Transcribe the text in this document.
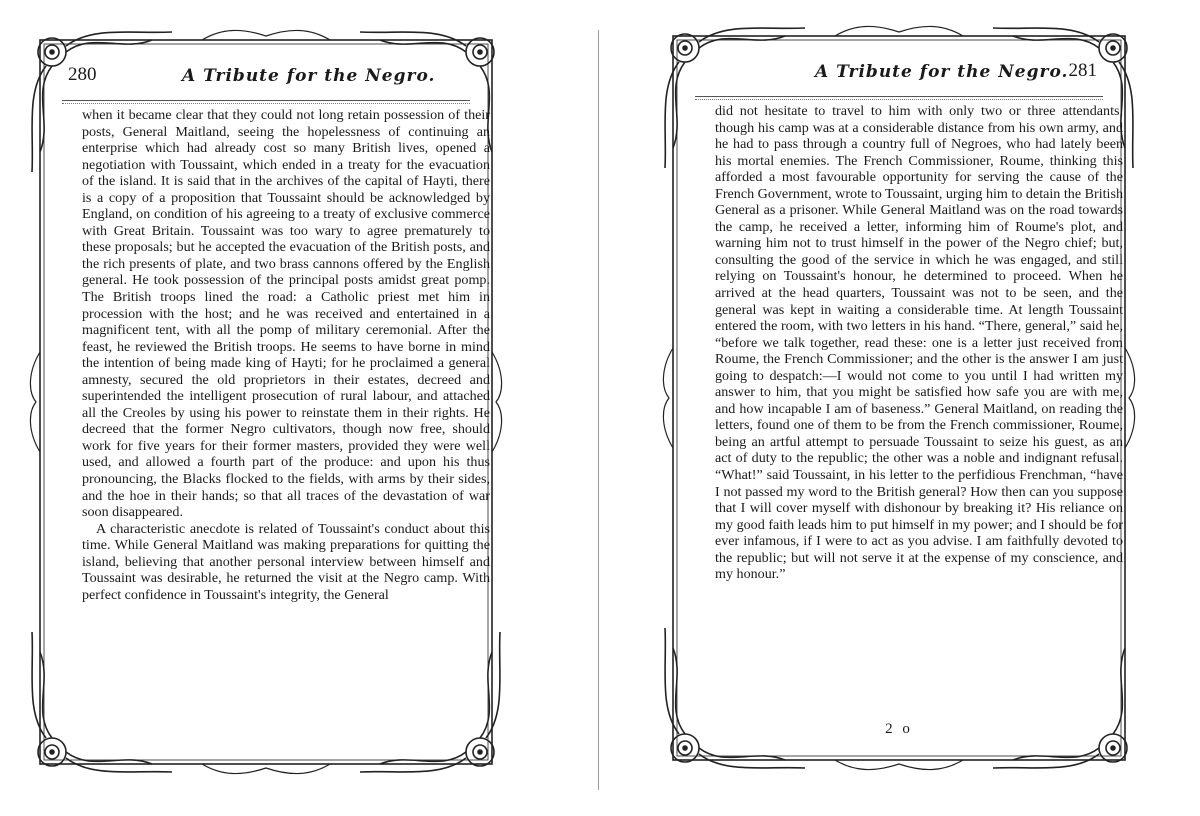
280	A Tribute for the Negro.

when it became clear that they could not long retain possession of their posts, General Maitland, seeing the hopelessness of continuing an enterprise which had already cost so many British lives, opened a negotiation with Toussaint, which ended in a treaty for the evacuation of the island. It is said that in the archives of the capital of Hayti, there is a copy of a proposition that Toussaint should be acknowledged by England, on condition of his agreeing to a treaty of exclusive commerce with Great Britain. Toussaint was too wary to agree prematurely to these proposals; but he accepted the evacuation of the British posts, and the rich presents of plate, and two brass cannons offered by the English general. He took possession of the principal posts amidst great pomp. The British troops lined the road: a Catholic priest met him in procession with the host; and he was received and entertained in a magnificent tent, with all the pomp of military ceremonial. After the feast, he reviewed the British troops. He seems to have borne in mind the intention of being made king of Hayti; for he proclaimed a general amnesty, secured the old proprietors in their estates, decreed and superintended the intelligent prosecution of rural labour, and attached all the Creoles by using his power to reinstate them in their rights. He decreed that the former Negro cultivators, though now free, should work for five years for their former masters, provided they were well used, and allowed a fourth part of the produce: and upon his thus pronouncing, the Blacks flocked to the fields, with arms by their sides, and the hoe in their hands; so that all traces of the devastation of war soon disappeared.

A characteristic anecdote is related of Toussaint's conduct about this time. While General Maitland was making preparations for quitting the island, believing that another personal interview between himself and Toussaint was desirable, he returned the visit at the Negro camp. With perfect confidence in Toussaint's integrity, the General

A Tribute for the Negro. 281

did not hesitate to travel to him with only two or three attendants, though his camp was at a considerable distance from his own army, and he had to pass through a country full of Negroes, who had lately been his mortal enemies. The French Commissioner, Roume, thinking this afforded a most favourable opportunity for serving the cause of the French Government, wrote to Toussaint, urging him to detain the British General as a prisoner. While General Maitland was on the road towards the camp, he received a letter, informing him of Roume's plot, and warning him not to trust himself in the power of the Negro chief; but, consulting the good of the service in which he was engaged, and still relying on Toussaint's honour, he determined to proceed. When he arrived at the head quarters, Toussaint was not to be seen, and the general was kept in waiting a considerable time. At length Toussaint entered the room, with two letters in his hand. “There, general,” said he, “before we talk together, read these: one is a letter just received from Roume, the French Commissioner; and the other is the answer I am just going to despatch:—I would not come to you until I had written my answer to him, that you might be satisfied how safe you are with me, and how incapable I am of baseness.” General Maitland, on reading the letters, found one of them to be from the French commissioner, Roume, being an artful attempt to persuade Toussaint to seize his guest, as an act of duty to the republic; the other was a noble and indignant refusal. “What!” said Toussaint, in his letter to the perfidious Frenchman, “have I not passed my word to the British general? How then can you suppose that I will cover myself with dishonour by breaking it? His reliance on my good faith leads him to put himself in my power; and I should be for ever infamous, if I were to act as you advise. I am faithfully devoted to the republic; but will not serve it at the expense of my conscience, and my honour.”

2 o
